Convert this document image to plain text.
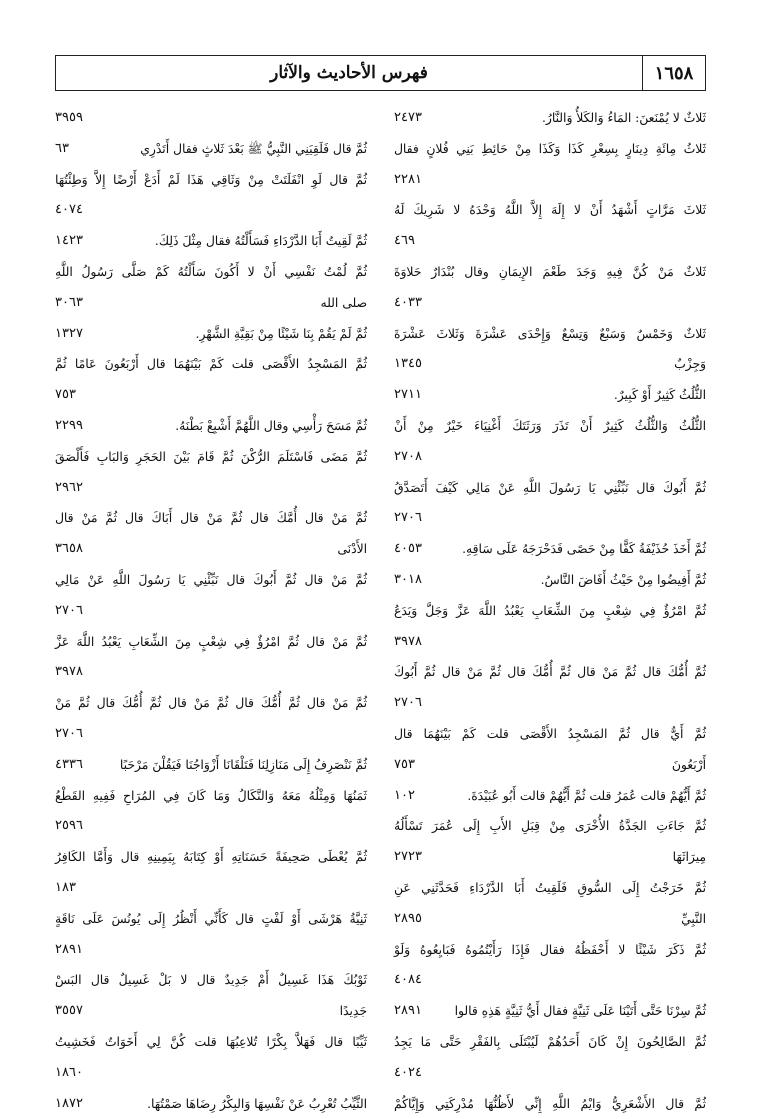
١٦٥٨
فهرس الأحاديث والآثار
٢٤٧٣	ثَلاثٌ لا يُمْنَعنَ: المَاءُ وَالكَلأُ وَالنَّارُ.
ثَلاثُ مِائَةِ دِينَارٍ بِسِعْرِ كَذَا وَكَذَا مِنْ حَائِطِ بَنِي فُلانٍ فقال
٢٢٨١
ثَلاثَ مَرَّاتٍ أَشْهَدُ أَنْ لا إِلَهَ إِلاَّ اللَّهُ وَحْدَهُ لا شَرِيكَ لَهُ
٤٦٩
ثَلاثٌ مَنْ كُنَّ فِيهِ وَجَدَ طَعْمَ الإِيمَانِ وقال بُنْدَارٌ حَلاوَةَ
٤٠٣٣
ثَلاثٌ وَخَمْسٌ وَسَبْعٌ وَتِسْعٌ وَإِحْدَى عَشْرَةَ وَثَلاثَ عَشْرَةَ
١٣٤٥	وَجِزْبٌ
٢٧١١	الثُّلُثُ كَثِيرٌ أَوْ كَبِيرٌ.
الثُّلُثُ وَالثُّلُثُ كَثِيرٌ أَنْ تَذَرَ وَرَثَتَكَ أَغْنِيَاءَ خَيْرٌ مِنْ أَنْ
٢٧٠٨
ثُمَّ أَبُوكَ قال نَبِّئْنِي يَا رَسُولَ اللَّهِ عَنْ مَالِي كَيْفَ أَتَصَدَّقُ
٢٧٠٦
٤٠٥٣	ثُمَّ أَخَذَ حُذَيْفَةُ كَفًّا مِنْ حَصًى فَدَحْرَجَهُ عَلَى سَاقِهِ.
٣٠١٨	ثُمَّ أَفِيضُوا مِنْ حَيْثُ أَفَاضَ النَّاسُ.
ثُمَّ امْرُؤٌ فِي شِعْبٍ مِنَ الشِّعَابِ يَعْبُدُ اللَّهَ عَزَّ وَجَلَّ وَيَدَعُ
٣٩٧٨
ثُمَّ أُمُّكَ قال ثُمَّ مَنْ قال ثُمَّ أُمُّكَ قال ثُمَّ مَنْ قال ثُمَّ أَبُوكَ
٢٧٠٦
ثُمَّ أَيٌّ قال ثُمَّ المَسْجِدُ الأَقْصَى قلت كَمْ بَيْنَهُمَا قال
٧٥٣	أَرْبَعُونَ
١٠٢	ثُمَّ أَيُّهُمْ قالت عُمَرُ قلت ثُمَّ أَيُّهُمْ قالت أَبُو عُبَيْدَةَ.
ثُمَّ جَاءَتِ الجَدَّةُ الأُخْرَى مِنْ قِبَلِ الأَبِ إِلَى عُمَرَ تَسْأَلُهُ
٢٧٢٣	مِيرَاثَهَا
ثُمَّ خَرَجْتُ إِلَى السُّوقِ فَلَقِيتُ أَبَا الدَّرْدَاءِ فَحَدَّثَنِي عَنِ
٢٨٩٥	النَّبِيِّ
ثُمَّ ذَكَرَ شَيْئًا لا أَحْفَظُهُ فقال فَإِذَا رَأَيْتُمُوهُ فَبَايِعُوهُ وَلَوْ
٤٠٨٤
٢٨٩١	ثُمَّ سِرْنَا حَتَّى أَتَيْنَا عَلَى ثَنِيَّةٍ فقال أَيُّ ثَنِيَّةٍ هَذِهِ قالوا
ثُمَّ الصَّالِحُونَ إِنْ كَانَ أَحَدُهُمْ لَيُبْتَلَى بِالفَقْرِ حَتَّى مَا يَجِدُ
٤٠٢٤
ثُمَّ قال الأَشْعَرِيُّ وَايْمُ اللَّهِ إِنِّي لأَظُنُّهَا مُدْرِكَتِي وَإِيَّاكُمْ
٣٩٥٩
٦٣	ثُمَّ قال فَلَقِيَنِي النَّبِيُّ ﷺ بَعْدَ ثَلاثٍ فقال أَتَدْرِي
ثُمَّ قال لَوِ انْفَلَتَتْ مِنْ وَثَاقِي هَذَا لَمْ أَدَعْ أَرْضًا إِلاَّ وَطِئْتُهَا
٤٠٧٤
١٤٢٣	ثُمَّ لَقِيتُ أَبَا الدَّرْدَاءِ فَسَأَلْتُهُ فقال مِثْلَ ذَلِكَ.
ثُمَّ لُمْتُ نَفْسِي أَنْ لا أَكُونَ سَأَلْتُهُ كَمْ صَلَّى رَسُولُ اللَّهِ
٣٠٦٣	صلى الله
١٣٢٧	ثُمَّ لَمْ يَقُمْ بِنَا شَيْئًا مِنْ بَقِيَّةِ الشَّهْرِ.
ثُمَّ المَسْجِدُ الأَقْصَى قلت كَمْ بَيْنَهُمَا قال أَرْبَعُونَ عَامًا ثُمَّ
٧٥٣
٢٢٩٩	ثُمَّ مَسَحَ رَأْسِي وقال اللَّهُمَّ أَشْبِعْ بَطْنَهُ.
ثُمَّ مَضَى فَاسْتَلَمَ الرُّكْنَ ثُمَّ قَامَ بَيْنَ الحَجَرِ وَالبَابِ فَأَلْصَقَ
٢٩٦٢
ثُمَّ مَنْ قال أُمَّكَ قال ثُمَّ مَنْ قال أَبَاكَ قال ثُمَّ مَنْ قال
٣٦٥٨	الأَدْنَى
ثُمَّ مَنْ قال ثُمَّ أَبُوكَ قال نَبِّئْنِي يَا رَسُولَ اللَّهِ عَنْ مَالِي
٢٧٠٦
ثُمَّ مَنْ قال ثُمَّ امْرُؤٌ فِي شِعْبٍ مِنَ الشِّعَابِ يَعْبُدُ اللَّهَ عَزَّ
٣٩٧٨
ثُمَّ مَنْ قال ثُمَّ أُمُّكَ قال ثُمَّ مَنْ قال ثُمَّ أُمُّكَ قال ثُمَّ مَنْ
٢٧٠٦
٤٣٣٦	ثُمَّ نَنْصَرِفُ إِلَى مَنَازِلِنَا فَتَلْقَانَا أَزْوَاجُنَا فَيَقُلْنَ مَرْحَبًا
ثَمَنُهَا وَمِثْلُهُ مَعَهُ وَالنَّكَالُ وَمَا كَانَ فِي المُرَاحِ فَفِيهِ القَطْعُ
٢٥٩٦
ثُمَّ يُعْطَى صَحِيفَةً حَسَنَاتِهِ أَوْ كِتَابَهُ بِيَمِينِهِ قال وَأَمَّا الكَافِرُ
١٨٣
ثَنِيَّةُ هَرْشَى أَوْ لَفْتٍ قال كَأَنِّي أَنْظُرُ إِلَى يُونُسَ عَلَى نَاقَةٍ
٢٨٩١
ثَوْبُكَ هَذَا غَسِيلٌ أَمْ جَدِيدٌ قال لا بَلْ غَسِيلٌ قال البَسْ
٣٥٥٧	جَدِيدًا
ثَيِّبًا قال فَهَلاَّ بِكْرًا تُلاعِبُهَا قلت كُنَّ لِي أَخَوَاتٌ فَخَشِيتُ
١٨٦٠
١٨٧٢	الثَّيِّبُ تُعْرِبُ عَنْ نَفْسِهَا وَالبِكْرُ رِضَاهَا صَمْتُهَا.
